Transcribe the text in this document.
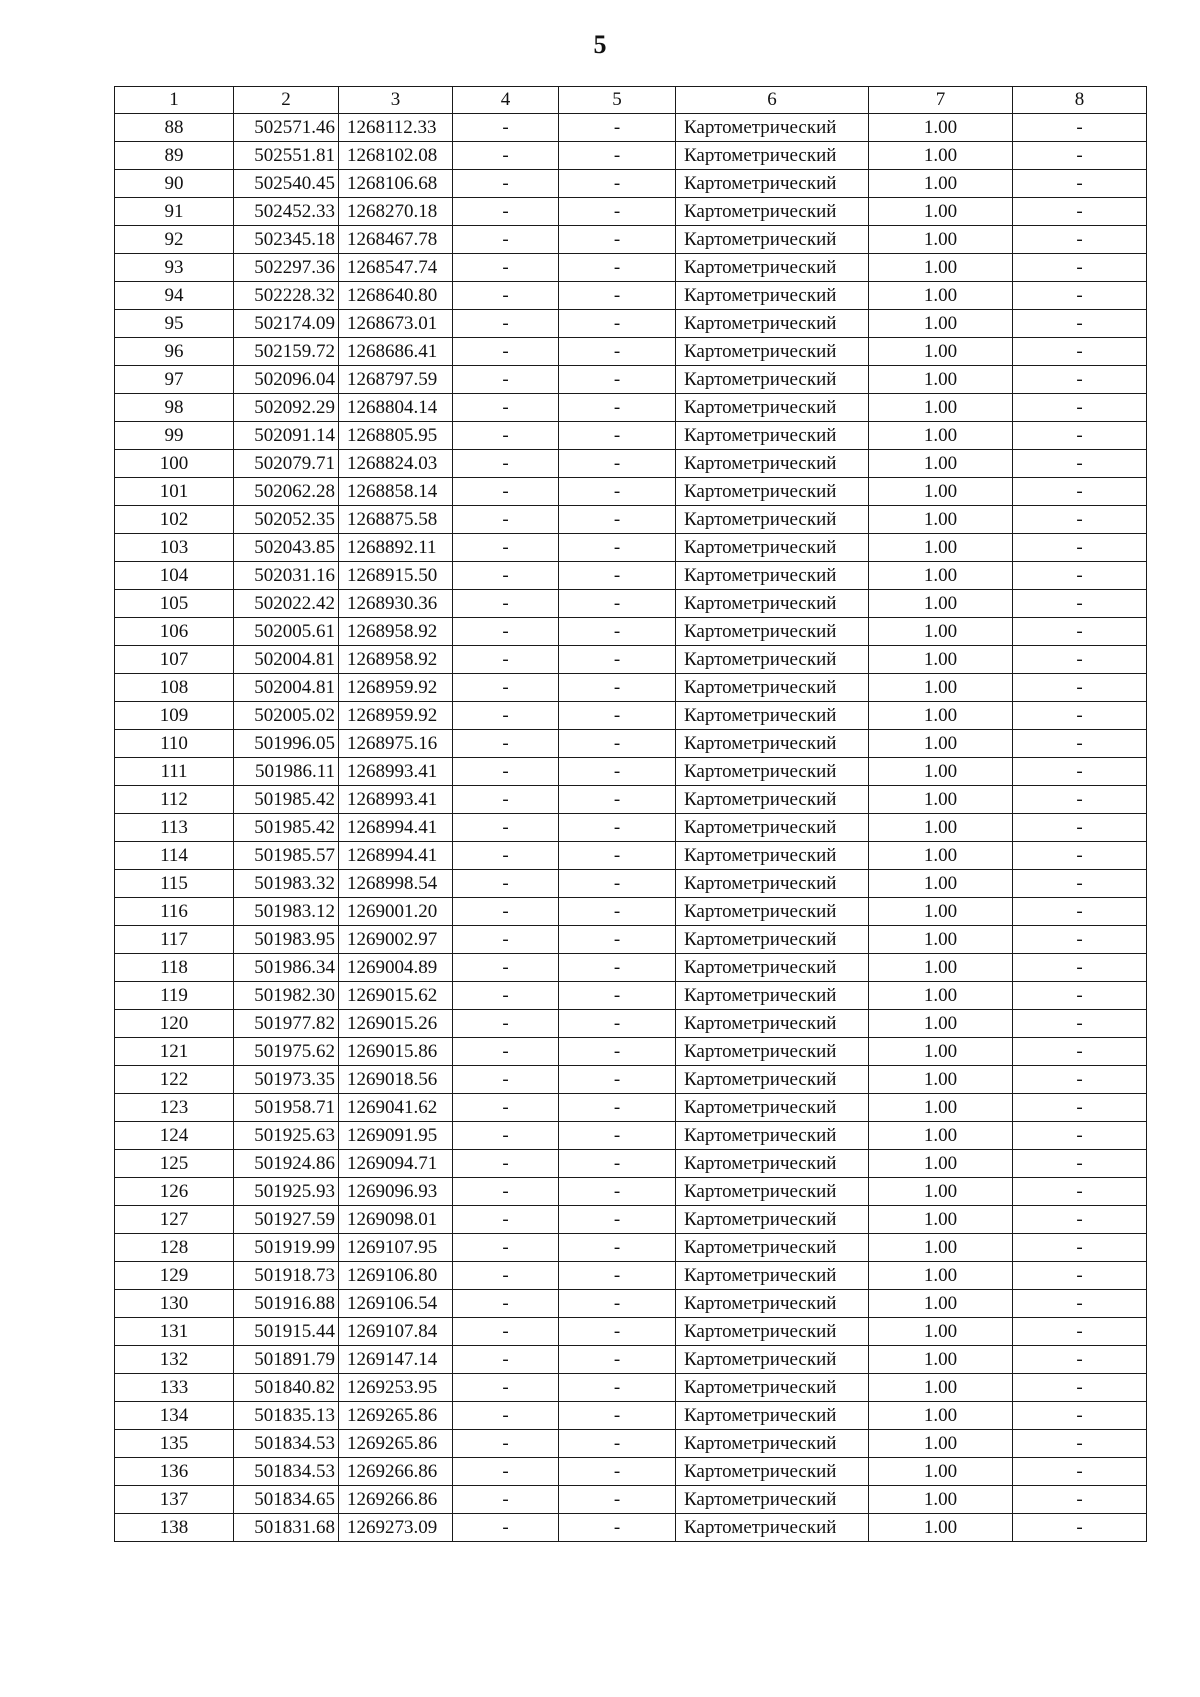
5
1	2	3	4	5	6	7	8
88	502571.46	1268112.33	-	-	Картометрический	1.00	-
89	502551.81	1268102.08	-	-	Картометрический	1.00	-
90	502540.45	1268106.68	-	-	Картометрический	1.00	-
91	502452.33	1268270.18	-	-	Картометрический	1.00	-
92	502345.18	1268467.78	-	-	Картометрический	1.00	-
93	502297.36	1268547.74	-	-	Картометрический	1.00	-
94	502228.32	1268640.80	-	-	Картометрический	1.00	-
95	502174.09	1268673.01	-	-	Картометрический	1.00	-
96	502159.72	1268686.41	-	-	Картометрический	1.00	-
97	502096.04	1268797.59	-	-	Картометрический	1.00	-
98	502092.29	1268804.14	-	-	Картометрический	1.00	-
99	502091.14	1268805.95	-	-	Картометрический	1.00	-
100	502079.71	1268824.03	-	-	Картометрический	1.00	-
101	502062.28	1268858.14	-	-	Картометрический	1.00	-
102	502052.35	1268875.58	-	-	Картометрический	1.00	-
103	502043.85	1268892.11	-	-	Картометрический	1.00	-
104	502031.16	1268915.50	-	-	Картометрический	1.00	-
105	502022.42	1268930.36	-	-	Картометрический	1.00	-
106	502005.61	1268958.92	-	-	Картометрический	1.00	-
107	502004.81	1268958.92	-	-	Картометрический	1.00	-
108	502004.81	1268959.92	-	-	Картометрический	1.00	-
109	502005.02	1268959.92	-	-	Картометрический	1.00	-
110	501996.05	1268975.16	-	-	Картометрический	1.00	-
111	501986.11	1268993.41	-	-	Картометрический	1.00	-
112	501985.42	1268993.41	-	-	Картометрический	1.00	-
113	501985.42	1268994.41	-	-	Картометрический	1.00	-
114	501985.57	1268994.41	-	-	Картометрический	1.00	-
115	501983.32	1268998.54	-	-	Картометрический	1.00	-
116	501983.12	1269001.20	-	-	Картометрический	1.00	-
117	501983.95	1269002.97	-	-	Картометрический	1.00	-
118	501986.34	1269004.89	-	-	Картометрический	1.00	-
119	501982.30	1269015.62	-	-	Картометрический	1.00	-
120	501977.82	1269015.26	-	-	Картометрический	1.00	-
121	501975.62	1269015.86	-	-	Картометрический	1.00	-
122	501973.35	1269018.56	-	-	Картометрический	1.00	-
123	501958.71	1269041.62	-	-	Картометрический	1.00	-
124	501925.63	1269091.95	-	-	Картометрический	1.00	-
125	501924.86	1269094.71	-	-	Картометрический	1.00	-
126	501925.93	1269096.93	-	-	Картометрический	1.00	-
127	501927.59	1269098.01	-	-	Картометрический	1.00	-
128	501919.99	1269107.95	-	-	Картометрический	1.00	-
129	501918.73	1269106.80	-	-	Картометрический	1.00	-
130	501916.88	1269106.54	-	-	Картометрический	1.00	-
131	501915.44	1269107.84	-	-	Картометрический	1.00	-
132	501891.79	1269147.14	-	-	Картометрический	1.00	-
133	501840.82	1269253.95	-	-	Картометрический	1.00	-
134	501835.13	1269265.86	-	-	Картометрический	1.00	-
135	501834.53	1269265.86	-	-	Картометрический	1.00	-
136	501834.53	1269266.86	-	-	Картометрический	1.00	-
137	501834.65	1269266.86	-	-	Картометрический	1.00	-
138	501831.68	1269273.09	-	-	Картометрический	1.00	-
